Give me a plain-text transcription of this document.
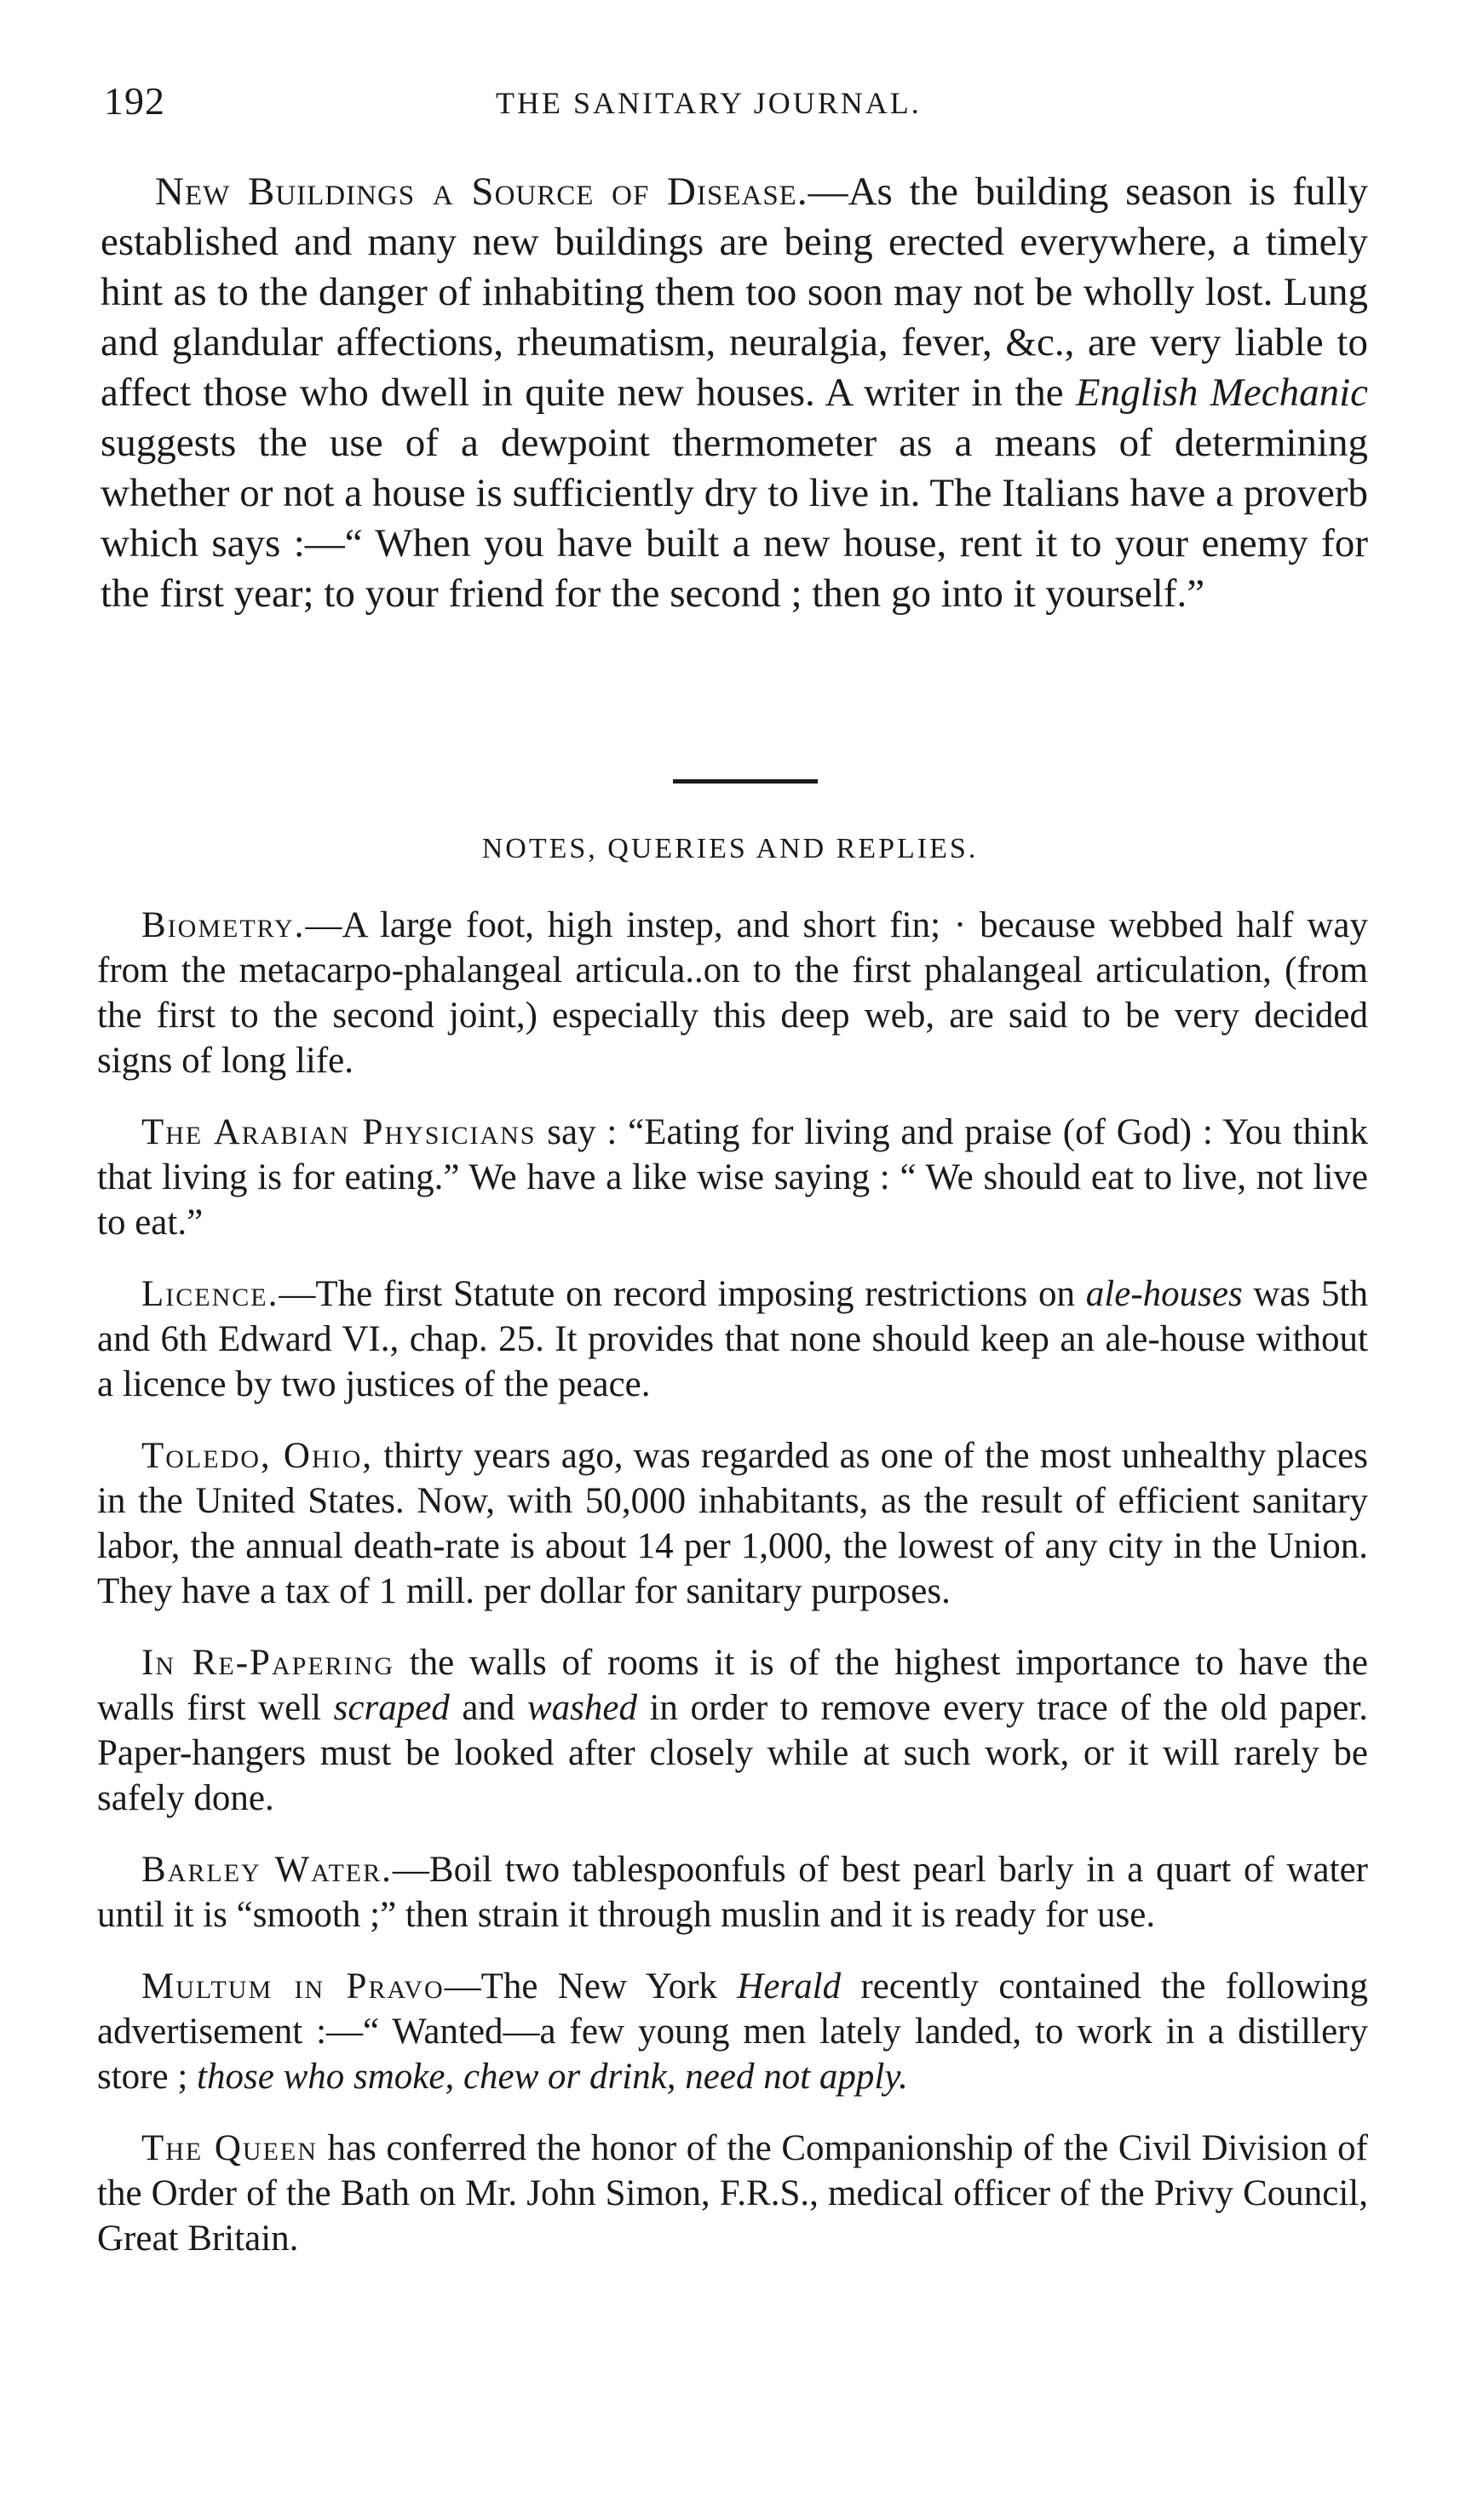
192	THE SANITARY JOURNAL.

New Buildings a Source of Disease.—As the building season is fully established and many new buildings are being erected everywhere, a timely hint as to the danger of inhabiting them too soon may not be wholly lost. Lung and glandular affections, rheumatism, neuralgia, fever, &c., are very liable to affect those who dwell in quite new houses. A writer in the English Mechanic suggests the use of a dewpoint thermometer as a means of determining whether or not a house is sufficiently dry to live in. The Italians have a proverb which says :—“ When you have built a new house, rent it to your enemy for the first year; to your friend for the second ; then go into it yourself.”

NOTES, QUERIES AND REPLIES.

Biometry.—A large foot, high instep, and short fin; · because webbed half way from the metacarpo-phalangeal articula..on to the first phalangeal articulation, (from the first to the second joint,) especially this deep web, are said to be very decided signs of long life.

The Arabian Physicians say : “Eating for living and praise (of God) : You think that living is for eating.” We have a like wise saying : “ We should eat to live, not live to eat.”

Licence.—The first Statute on record imposing restrictions on ale-houses was 5th and 6th Edward VI., chap. 25. It provides that none should keep an ale-house without a licence by two justices of the peace.

Toledo, Ohio, thirty years ago, was regarded as one of the most unhealthy places in the United States. Now, with 50,000 inhabitants, as the result of efficient sanitary labor, the annual death-rate is about 14 per 1,000, the lowest of any city in the Union. They have a tax of 1 mill. per dollar for sanitary purposes.

In Re-Papering the walls of rooms it is of the highest importance to have the walls first well scraped and washed in order to remove every trace of the old paper. Paper-hangers must be looked after closely while at such work, or it will rarely be safely done.

Barley Water.—Boil two tablespoonfuls of best pearl barly in a quart of water until it is “smooth ;” then strain it through muslin and it is ready for use.

Multum in Pravo—The New York Herald recently contained the following advertisement :—“ Wanted—a few young men lately landed, to work in a distillery store ; those who smoke, chew or drink, need not apply.

The Queen has conferred the honor of the Companionship of the Civil Division of the Order of the Bath on Mr. John Simon, F.R.S., medical officer of the Privy Council, Great Britain.
